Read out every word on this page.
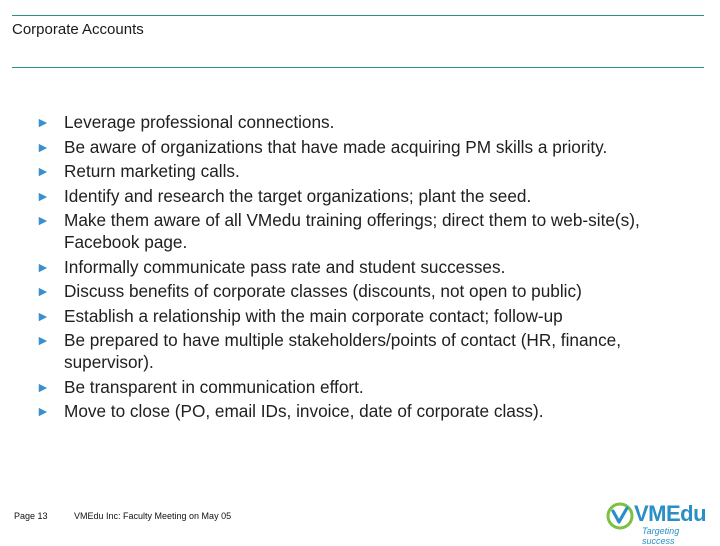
Corporate Accounts
► Leverage professional connections.
► Be aware of organizations that have made acquiring PM skills a priority.
► Return marketing calls.
► Identify and research the target organizations; plant the seed.
► Make them aware of all VMedu training offerings; direct them to web-site(s), Facebook page.
► Informally communicate pass rate and student successes.
► Discuss benefits of corporate classes (discounts, not open to public)
► Establish a relationship with the main corporate contact; follow-up
► Be prepared to have multiple stakeholders/points of contact (HR, finance, supervisor).
► Be transparent in communication effort.
► Move to close (PO, email IDs, invoice, date of corporate class).
Page 13	VMEdu Inc: Faculty Meeting on May 05	VMEdu
Targeting success
